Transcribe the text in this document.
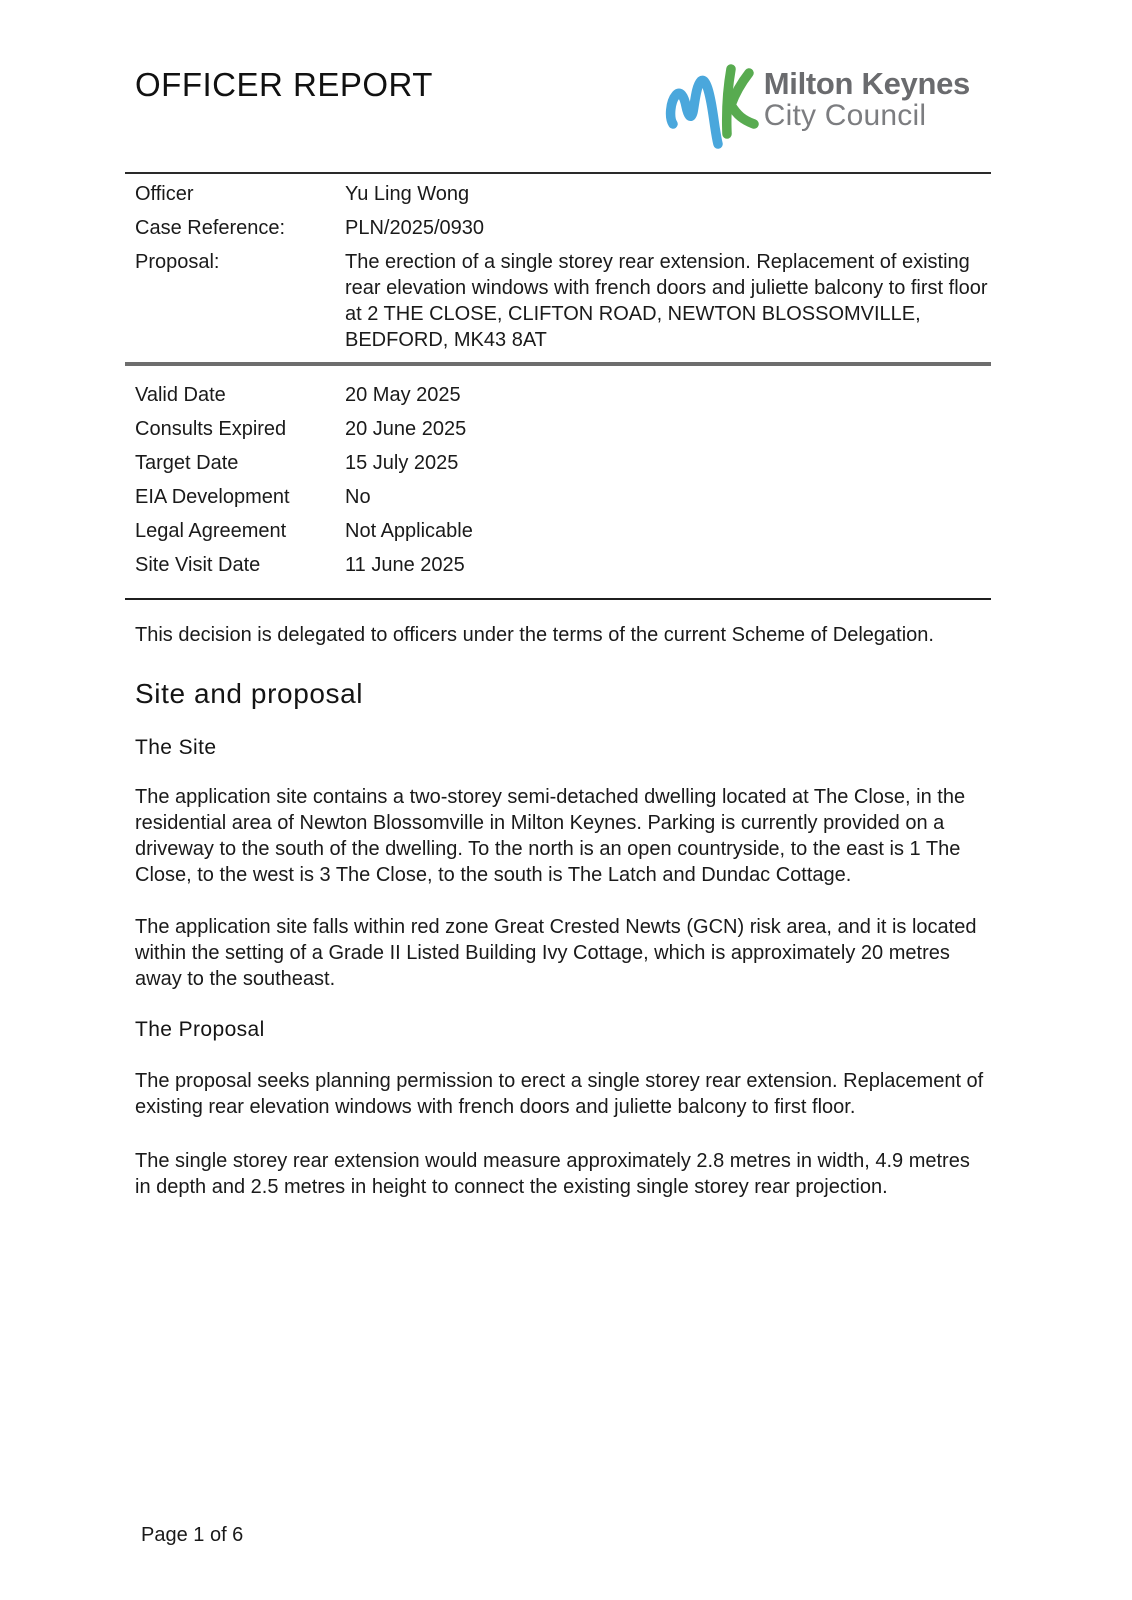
OFFICER REPORT	Milton Keynes
City Council
Officer	Yu Ling Wong
Case Reference:	PLN/2025/0930
Proposal:	The erection of a single storey rear extension. Replacement of existing rear elevation windows with french doors and juliette balcony to first floor at 2 THE CLOSE, CLIFTON ROAD, NEWTON BLOSSOMVILLE, BEDFORD, MK43 8AT
Valid Date	20 May 2025
Consults Expired	20 June 2025
Target Date	15 July 2025
EIA Development	No
Legal Agreement	Not Applicable
Site Visit Date	11 June 2025

This decision is delegated to officers under the terms of the current Scheme of Delegation.

Site and proposal
The Site

The application site contains a two-storey semi-detached dwelling located at The Close, in the residential area of Newton Blossomville in Milton Keynes. Parking is currently provided on a driveway to the south of the dwelling. To the north is an open countryside, to the east is 1 The Close, to the west is 3 The Close, to the south is The Latch and Dundac Cottage.

The application site falls within red zone Great Crested Newts (GCN) risk area, and it is located within the setting of a Grade II Listed Building Ivy Cottage, which is approximately 20 metres away to the southeast.

The Proposal

The proposal seeks planning permission to erect a single storey rear extension. Replacement of existing rear elevation windows with french doors and juliette balcony to first floor.

The single storey rear extension would measure approximately 2.8 metres in width, 4.9 metres in depth and 2.5 metres in height to connect the existing single storey rear projection.

Page 1 of 6
